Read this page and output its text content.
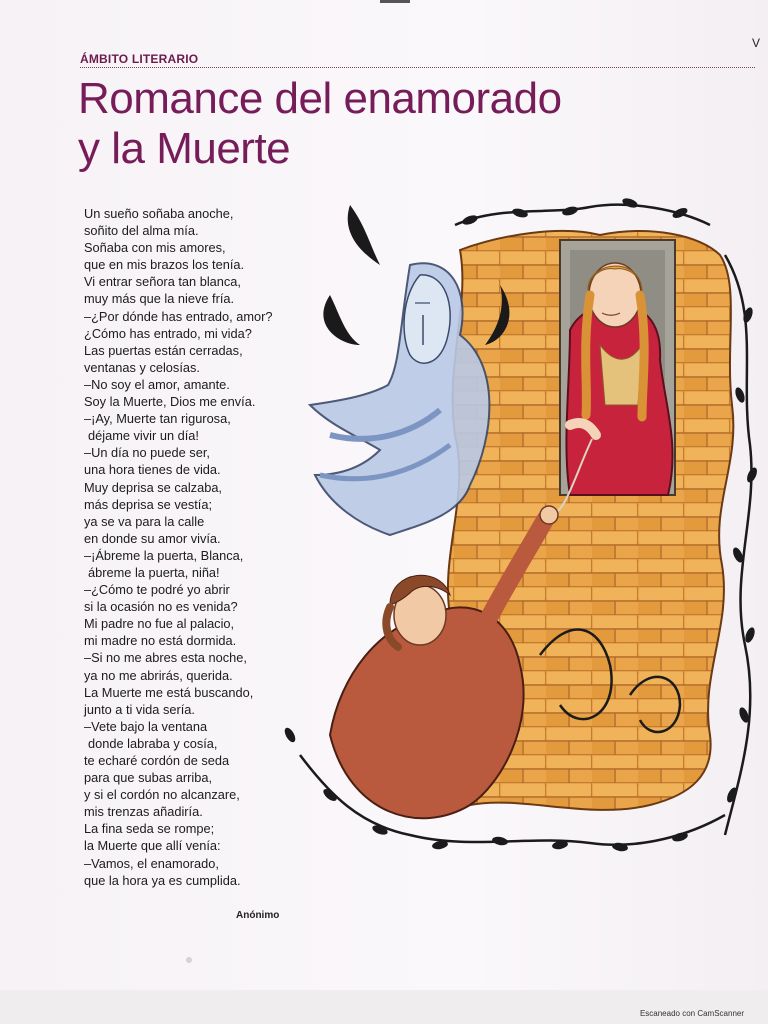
V
ÁMBITO LITERARIO
Romance del enamorado
y la Muerte
Un sueño soñaba anoche,
soñito del alma mía.
Soñaba con mis amores,
que en mis brazos los tenía.
Vi entrar señora tan blanca,
muy más que la nieve fría.
–¿Por dónde has entrado, amor?
¿Cómo has entrado, mi vida?
Las puertas están cerradas,
ventanas y celosías.
–No soy el amor, amante.
Soy la Muerte, Dios me envía.
–¡Ay, Muerte tan rigurosa,
déjame vivir un día!
–Un día no puede ser,
una hora tienes de vida.
Muy deprisa se calzaba,
más deprisa se vestía;
ya se va para la calle
en donde su amor vivía.
–¡Ábreme la puerta, Blanca,
ábreme la puerta, niña!
–¿Cómo te podré yo abrir
si la ocasión no es venida?
Mi padre no fue al palacio,
mi madre no está dormida.
–Si no me abres esta noche,
ya no me abrirás, querida.
La Muerte me está buscando,
junto a ti vida sería.
–Vete bajo la ventana
donde labraba y cosía,
te echaré cordón de seda
para que subas arriba,
y si el cordón no alcanzare,
mis trenzas añadiría.
La fina seda se rompe;
la Muerte que allí venía:
–Vamos, el enamorado,
que la hora ya es cumplida.
Anónimo
Escaneado con CamScanner
